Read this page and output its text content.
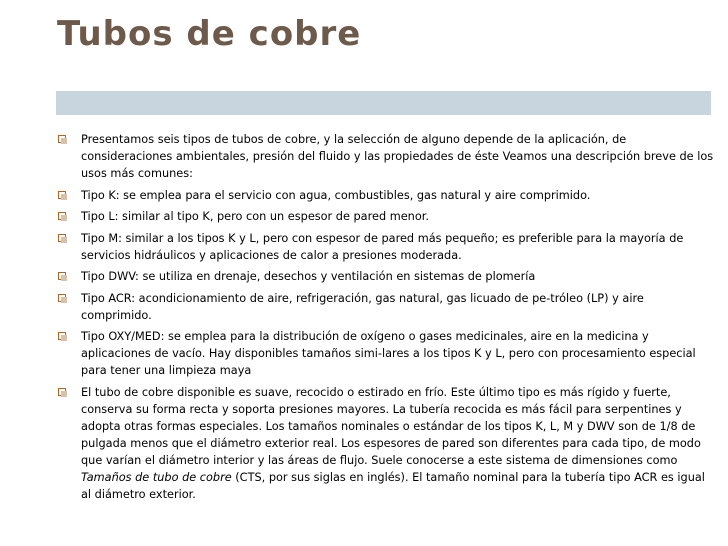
Tubos de cobre
Presentamos seis tipos de tubos de cobre, y la selección de alguno depende de la aplicación, de consideraciones ambientales, presión del fluido y las propiedades de éste Veamos una descripción breve de los usos más comunes:
Tipo K: se emplea para el servicio con agua, combustibles, gas natural y aire comprimido.
Tipo L: similar al tipo K, pero con un espesor de pared menor.
Tipo M: similar a los tipos K y L, pero con espesor de pared más pequeño; es preferible para la mayoría de servicios hidráulicos y aplicaciones de calor a presiones moderada.
Tipo DWV: se utiliza en drenaje, desechos y ventilación en sistemas de plomería
Tipo ACR: acondicionamiento de aire, refrigeración, gas natural, gas licuado de pe-tróleo (LP) y aire comprimido.
Tipo OXY/MED: se emplea para la distribución de oxígeno o gases medicinales, aire en la medicina y aplicaciones de vacío. Hay disponibles tamaños simi-lares a los tipos K y L, pero con procesamiento especial para tener una limpieza maya
El tubo de cobre disponible es suave, recocido o estirado en frío. Este último tipo es más rígido y fuerte, conserva su forma recta y soporta presiones mayores. La tubería recocida es más fácil para serpentines y adopta otras formas especiales. Los tamaños nominales o estándar de los tipos K, L, M y DWV son de 1/8 de pulgada menos que el diámetro exterior real. Los espesores de pared son diferentes para cada tipo, de modo que varían el diámetro interior y las áreas de flujo. Suele conocerse a este sistema de dimensiones como Tamaños de tubo de cobre (CTS, por sus siglas en inglés). El tamaño nominal para la tubería tipo ACR es igual al diámetro exterior.
